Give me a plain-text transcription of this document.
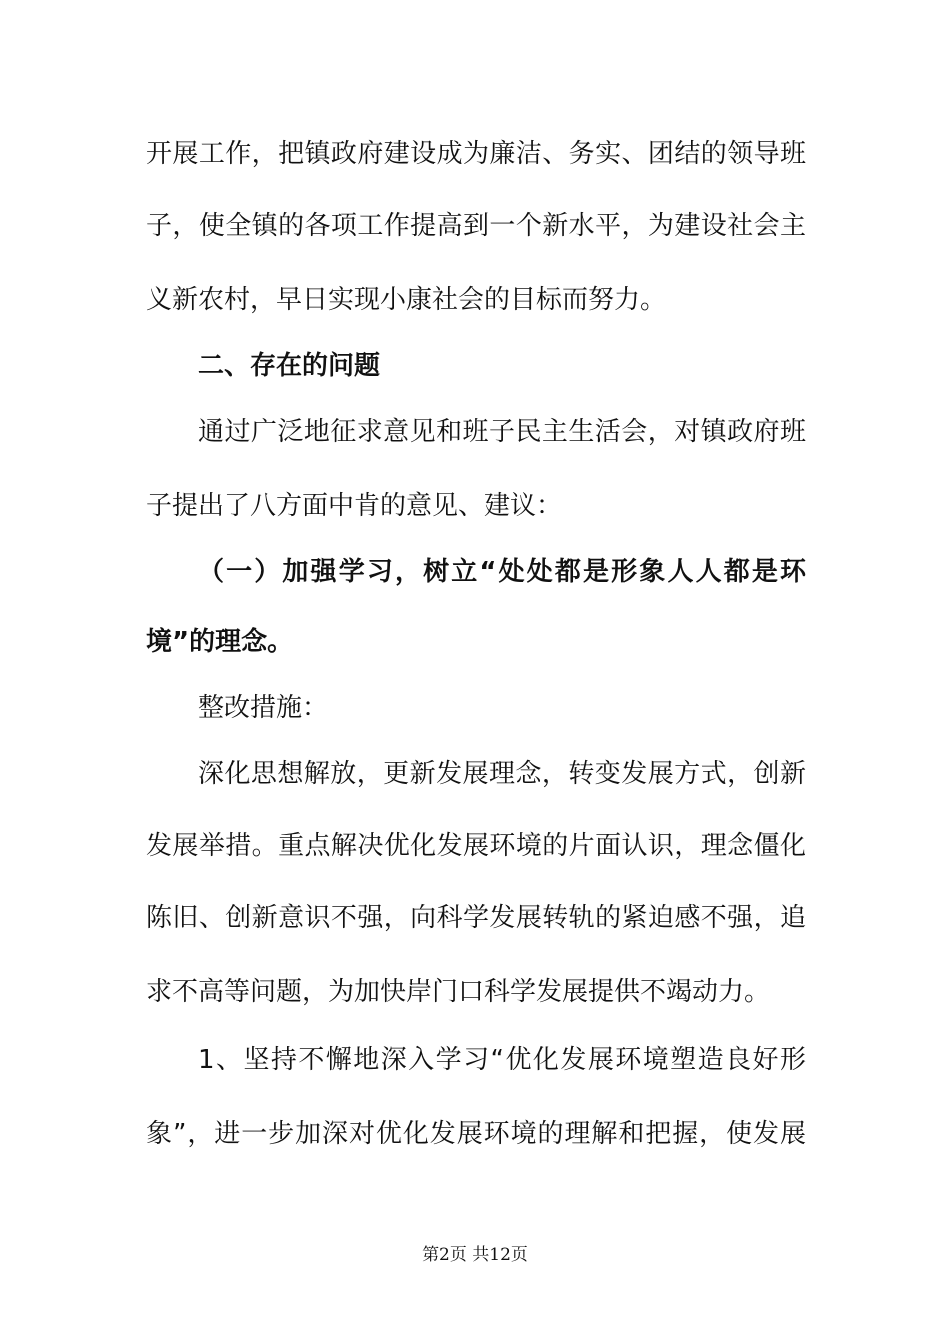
开展工作，把镇政府建设成为廉洁、务实、团结的领导班
子，使全镇的各项工作提高到一个新水平，为建设社会主
义新农村，早日实现小康社会的目标而努力。
二、存在的问题
通过广泛地征求意见和班子民主生活会，对镇政府班
子提出了八方面中肯的意见、建议：
（一）加强学习，树立“处处都是形象人人都是环
境”的理念。
整改措施：
深化思想解放，更新发展理念，转变发展方式，创新
发展举措。重点解决优化发展环境的片面认识，理念僵化
陈旧、创新意识不强，向科学发展转轨的紧迫感不强，追
求不高等问题，为加快岸门口科学发展提供不竭动力。
1、坚持不懈地深入学习“优化发展环境塑造良好形
象”，进一步加深对优化发展环境的理解和把握，使发展
第2页 共12页
